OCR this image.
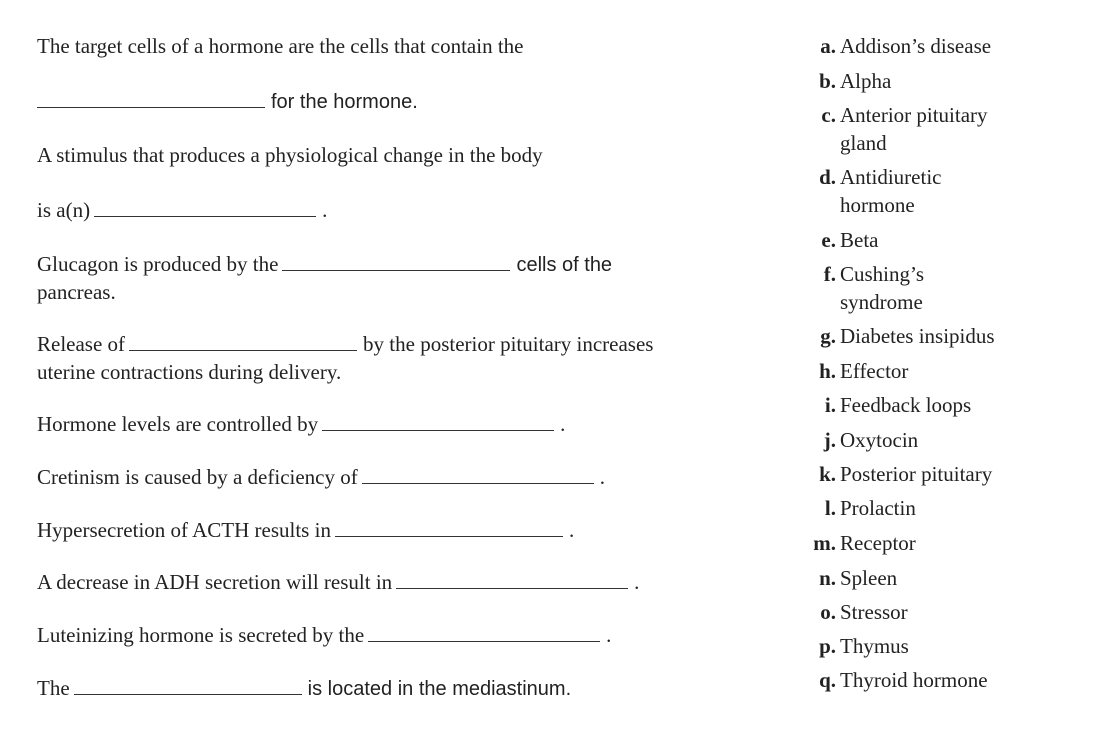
The target cells of a hormone are the cells that contain the
for the hormone.
A stimulus that produces a physiological change in the body
is a(n)	.
Glucagon is produced by the	cells of the
pancreas.
Release of	by the posterior pituitary increases
uterine contractions during delivery.
Hormone levels are controlled by	.
Cretinism is caused by a deficiency of	.
Hypersecretion of ACTH results in	.
A decrease in ADH secretion will result in	.
Luteinizing hormone is secreted by the	.
The	is located in the mediastinum.
a. Addison’s disease
b. Alpha
c. Anterior pituitary gland
d. Antidiuretic hormone
e. Beta
f. Cushing’s syndrome
g. Diabetes insipidus
h. Effector
i. Feedback loops
j. Oxytocin
k. Posterior pituitary
l. Prolactin
m. Receptor
n. Spleen
o. Stressor
p. Thymus
q. Thyroid hormone
